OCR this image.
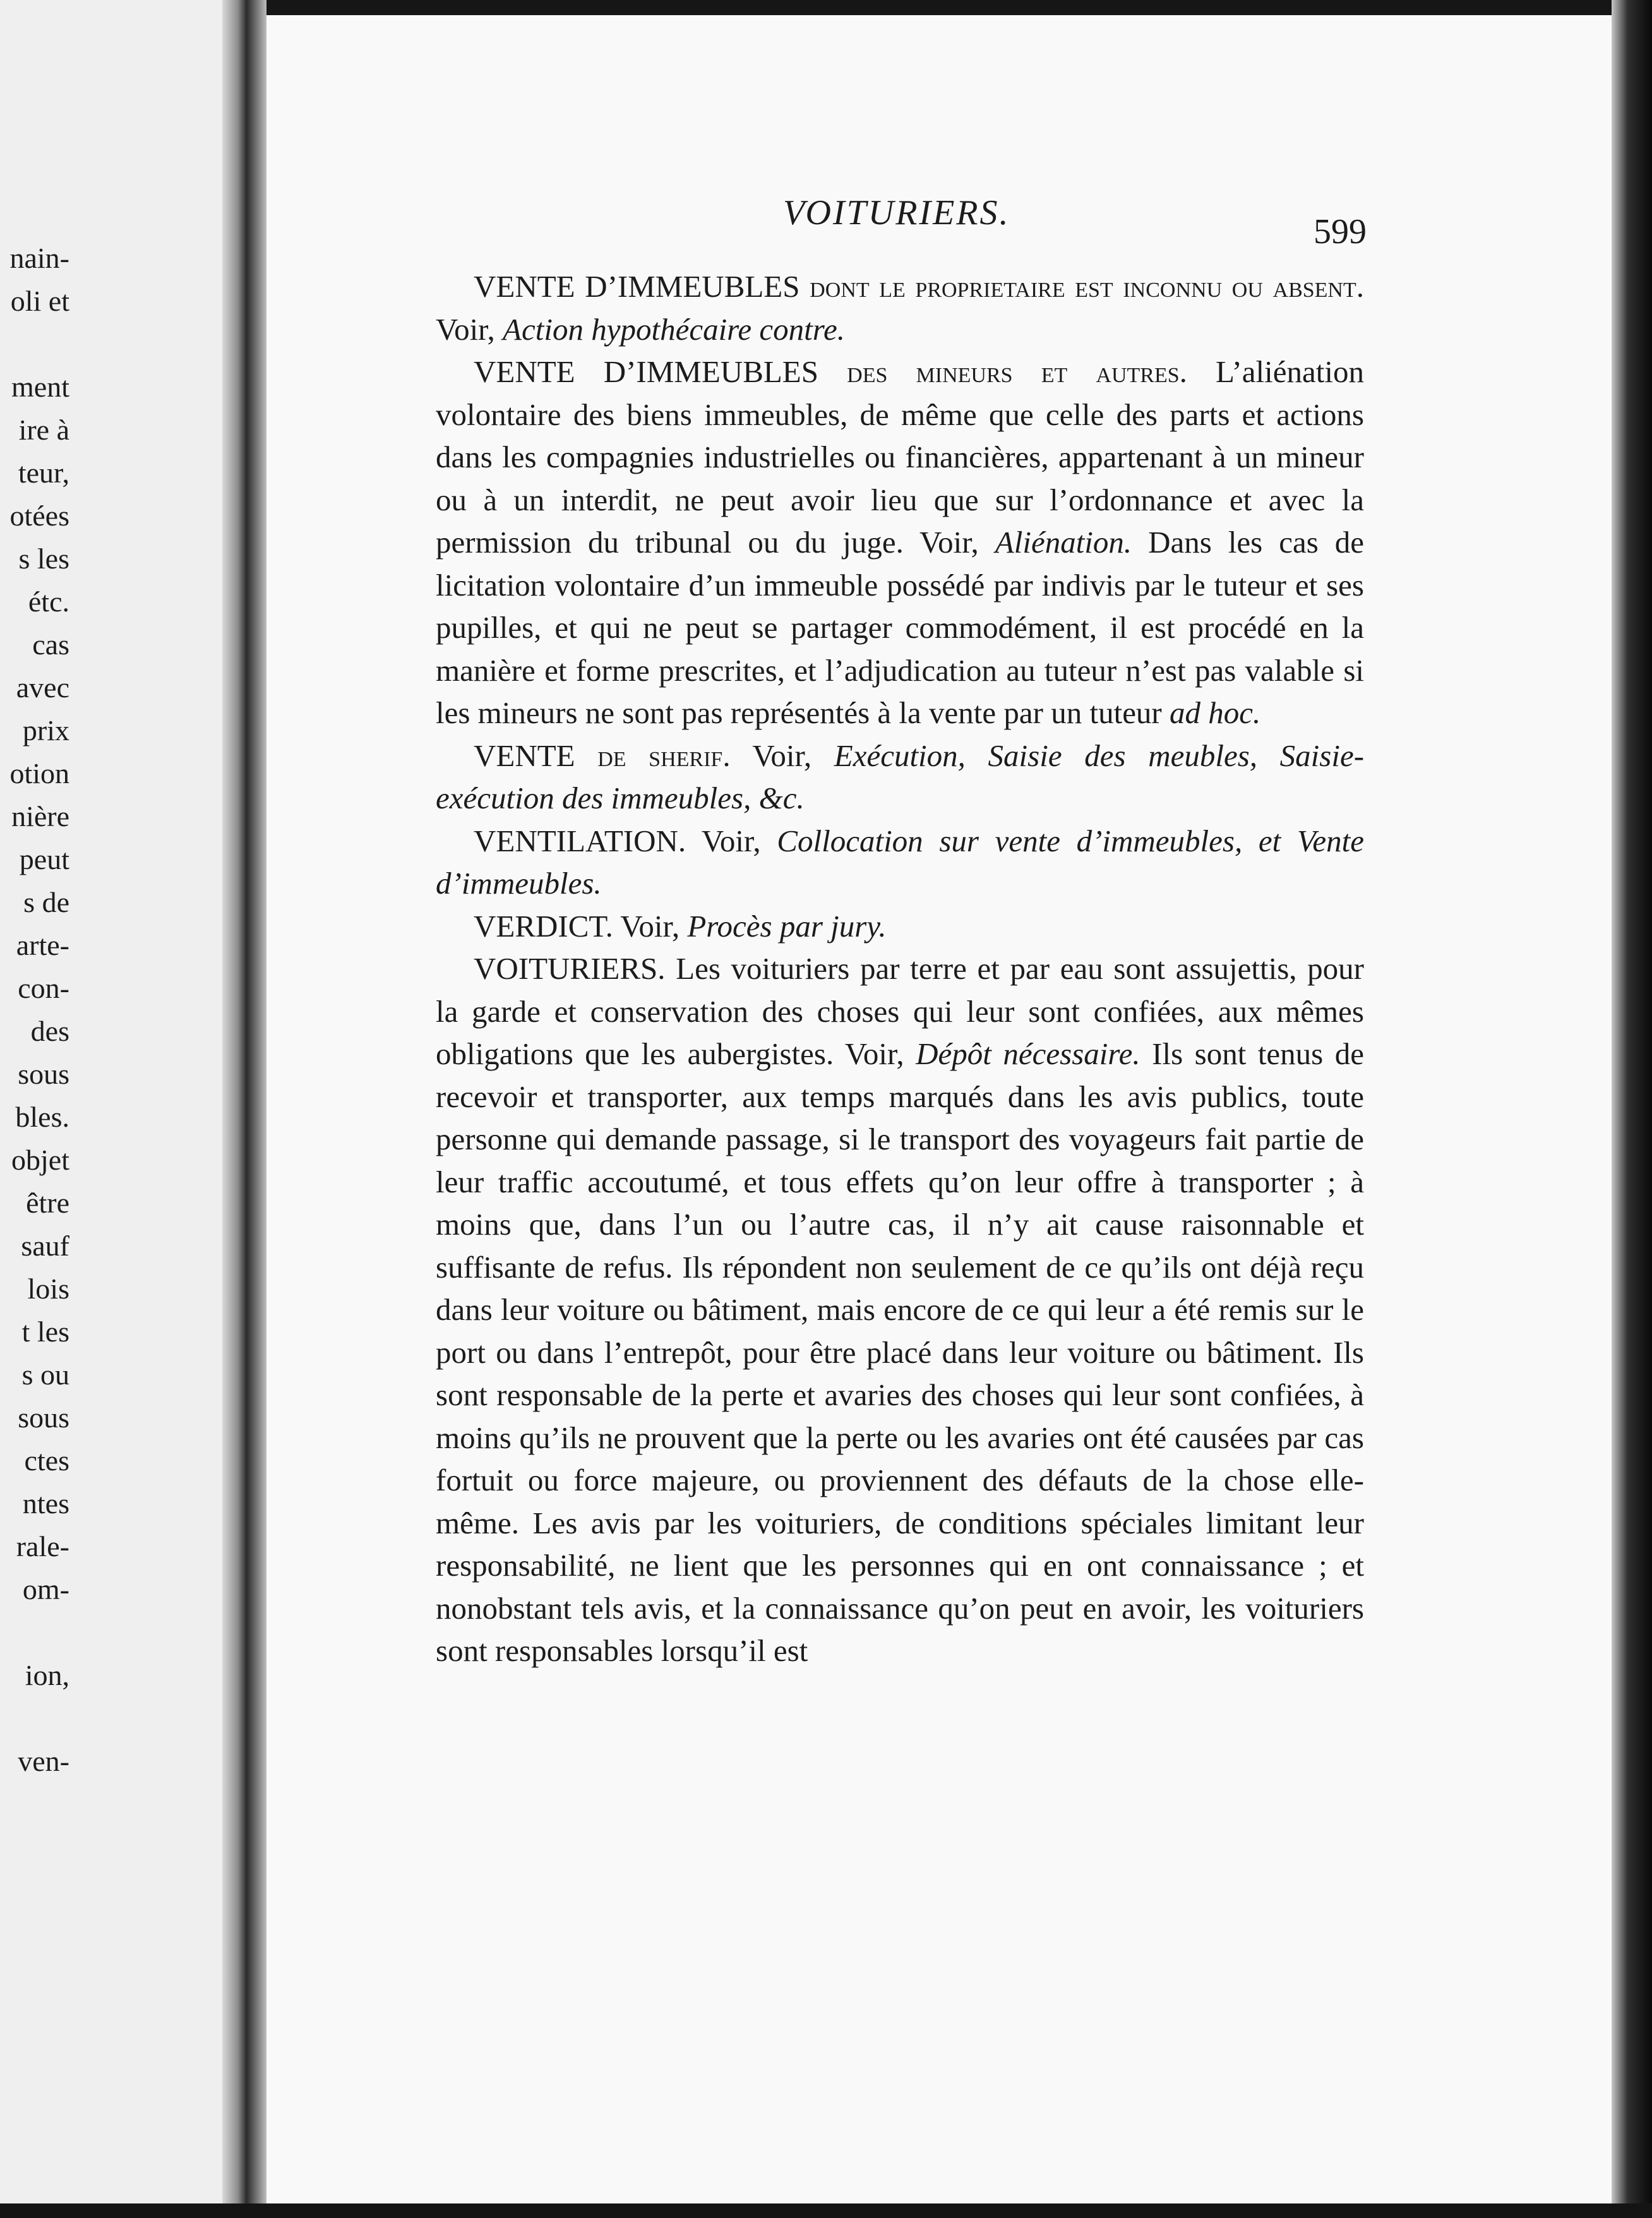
nain-
oli et
ment
ire à
teur,
otées
s les
étc.
cas
avec
prix
otion
nière
peut
s de
arte-
con-
des
sous
bles.
objet
être
sauf
lois
t les
s ou
sous
ctes
ntes
rale-
om-
ion,
ven-
VOITURIERS.	599

VENTE D’IMMEUBLES dont le proprietaire est inconnu ou absent. Voir, Action hypothécaire contre.

VENTE D’IMMEUBLES des mineurs et autres. L’aliénation volontaire des biens immeubles, de même que celle des parts et actions dans les compagnies industrielles ou financières, appartenant à un mineur ou à un interdit, ne peut avoir lieu que sur l’ordonnance et avec la permission du tribunal ou du juge. Voir, Aliénation. Dans les cas de licitation volontaire d’un immeuble possédé par indivis par le tuteur et ses pupilles, et qui ne peut se partager commodément, il est procédé en la manière et forme prescrites, et l’adjudication au tuteur n’est pas valable si les mineurs ne sont pas représentés à la vente par un tuteur ad hoc.

VENTE de sherif. Voir, Exécution, Saisie des meubles, Saisie-exécution des immeubles, &c.

VENTILATION. Voir, Collocation sur vente d’immeubles, et Vente d’immeubles.

VERDICT. Voir, Procès par jury.

VOITURIERS. Les voituriers par terre et par eau sont assujettis, pour la garde et conservation des choses qui leur sont confiées, aux mêmes obligations que les aubergistes. Voir, Dépôt nécessaire. Ils sont tenus de recevoir et transporter, aux temps marqués dans les avis publics, toute personne qui demande passage, si le transport des voyageurs fait partie de leur traffic accoutumé, et tous effets qu’on leur offre à transporter ; à moins que, dans l’un ou l’autre cas, il n’y ait cause raisonnable et suffisante de refus. Ils répondent non seulement de ce qu’ils ont déjà reçu dans leur voiture ou bâtiment, mais encore de ce qui leur a été remis sur le port ou dans l’entrepôt, pour être placé dans leur voiture ou bâtiment. Ils sont responsable de la perte et avaries des choses qui leur sont confiées, à moins qu’ils ne prouvent que la perte ou les avaries ont été causées par cas fortuit ou force majeure, ou proviennent des défauts de la chose elle-même. Les avis par les voituriers, de conditions spéciales limitant leur responsabilité, ne lient que les personnes qui en ont connaissance ; et nonobstant tels avis, et la connaissance qu’on peut en avoir, les voituriers sont responsables lorsqu’il est
